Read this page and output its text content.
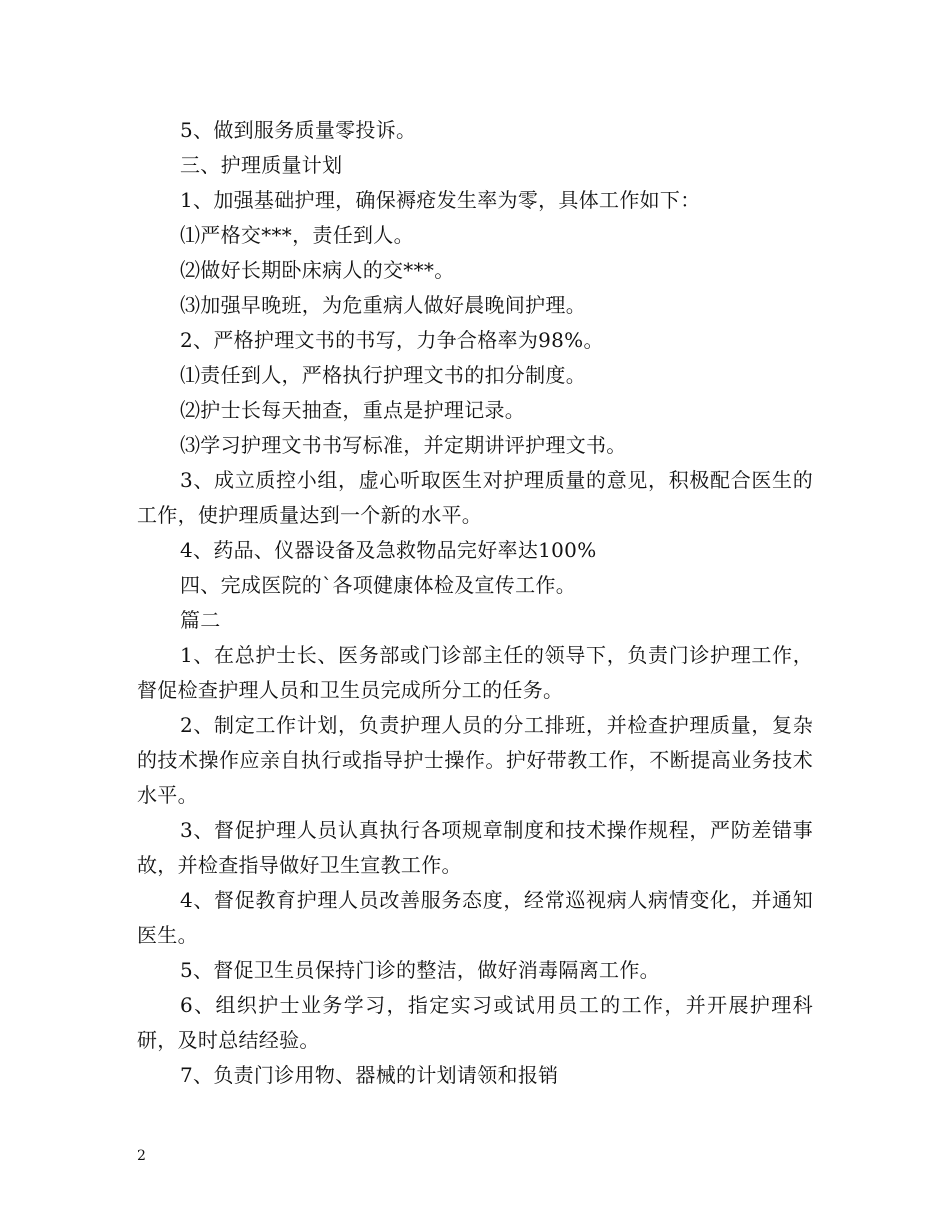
5、做到服务质量零投诉。

三、护理质量计划

1、加强基础护理，确保褥疮发生率为零，具体工作如下：

⑴严格交***，责任到人。

⑵做好长期卧床病人的交***。

⑶加强早晚班，为危重病人做好晨晚间护理。

2、严格护理文书的书写，力争合格率为98%。

⑴责任到人，严格执行护理文书的扣分制度。

⑵护士长每天抽查，重点是护理记录。

⑶学习护理文书书写标准，并定期讲评护理文书。

3、成立质控小组，虚心听取医生对护理质量的意见，积极配合医生的工作，使护理质量达到一个新的水平。

4、药品、仪器设备及急救物品完好率达100%

四、完成医院的`各项健康体检及宣传工作。

篇二

1、在总护士长、医务部或门诊部主任的领导下，负责门诊护理工作，督促检查护理人员和卫生员完成所分工的任务。

2、制定工作计划，负责护理人员的分工排班，并检查护理质量，复杂的技术操作应亲自执行或指导护士操作。护好带教工作，不断提高业务技术水平。

3、督促护理人员认真执行各项规章制度和技术操作规程，严防差错事故，并检查指导做好卫生宣教工作。

4、督促教育护理人员改善服务态度，经常巡视病人病情变化，并通知医生。

5、督促卫生员保持门诊的整洁，做好消毒隔离工作。

6、组织护士业务学习，指定实习或试用员工的工作，并开展护理科研，及时总结经验。

7、负责门诊用物、器械的计划请领和报销

2
